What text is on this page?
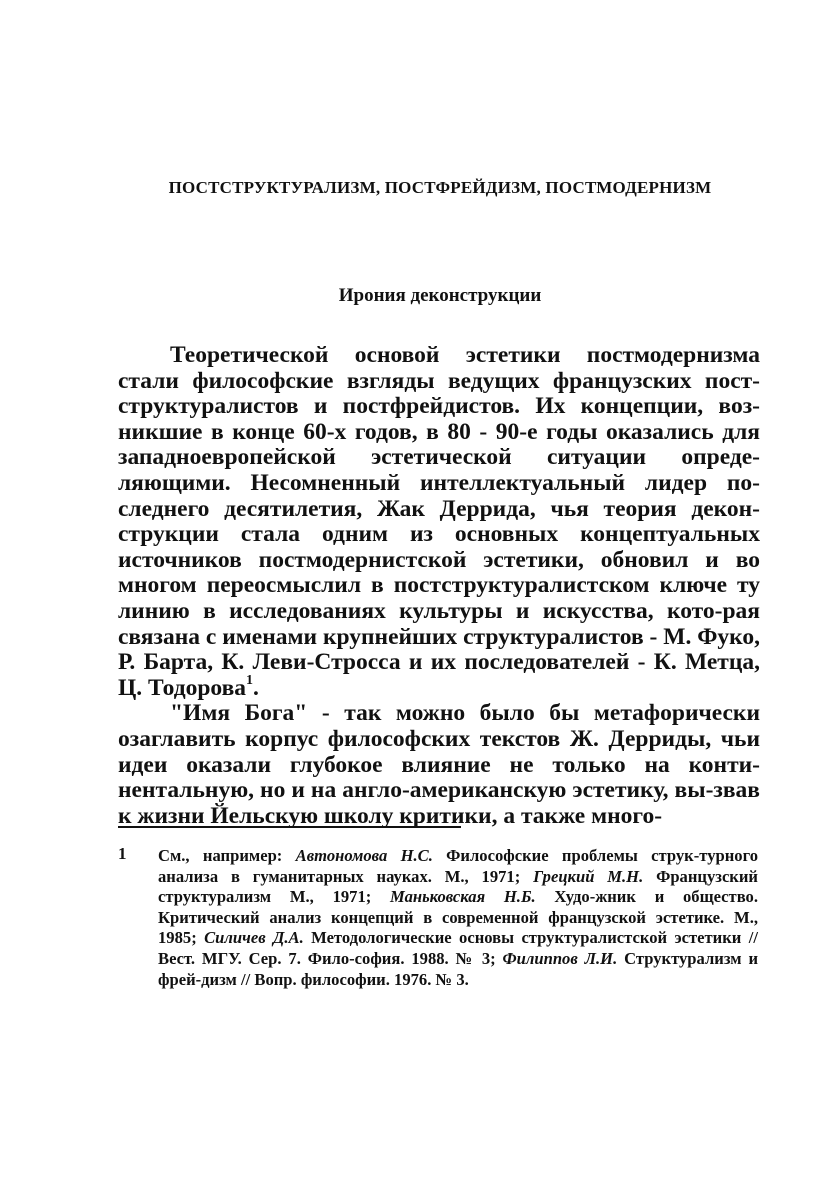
ПОСТСТРУКТУРАЛИЗМ, ПОСТФРЕЙДИЗМ, ПОСТМОДЕРНИЗМ
Ирония деконструкции

Теоретической основой эстетики постмодернизма стали философские взгляды ведущих французских пост-структуралистов и постфрейдистов. Их концепции, воз-никшие в конце 60-х годов, в 80 - 90-е годы оказались для западноевропейской эстетической ситуации опреде-ляющими. Несомненный интеллектуальный лидер по-следнего десятилетия, Жак Деррида, чья теория декон-струкции стала одним из основных концептуальных источников постмодернистской эстетики, обновил и во многом переосмыслил в постструктуралистском ключе ту линию в исследованиях культуры и искусства, кото-рая связана с именами крупнейших структуралистов - М. Фуко, Р. Барта, К. Леви-Стросса и их последователей - К. Метца, Ц. Тодорова$^1$.

"Имя Бога" - так можно было бы метафорически озаглавить корпус философских текстов Ж. Дерриды, чьи идеи оказали глубокое влияние не только на конти-нентальную, но и на англо-американскую эстетику, вы-звав к жизни Йельскую школу критики, а также много-

1 См., например: Автономова Н.С. Философские проблемы струк-турного анализа в гуманитарных науках. М., 1971; Грецкий М.Н. Французский структурализм М., 1971; Маньковская Н.Б. Худо-жник и общество. Критический анализ концепций в современной французской эстетике. М., 1985; Силичев Д.А. Методологические основы структуралистской эстетики // Вест. МГУ. Сер. 7. Фило-софия. 1988. № 3; Филиппов Л.И. Структурализм и фрей-дизм // Вопр. философии. 1976. № 3.
